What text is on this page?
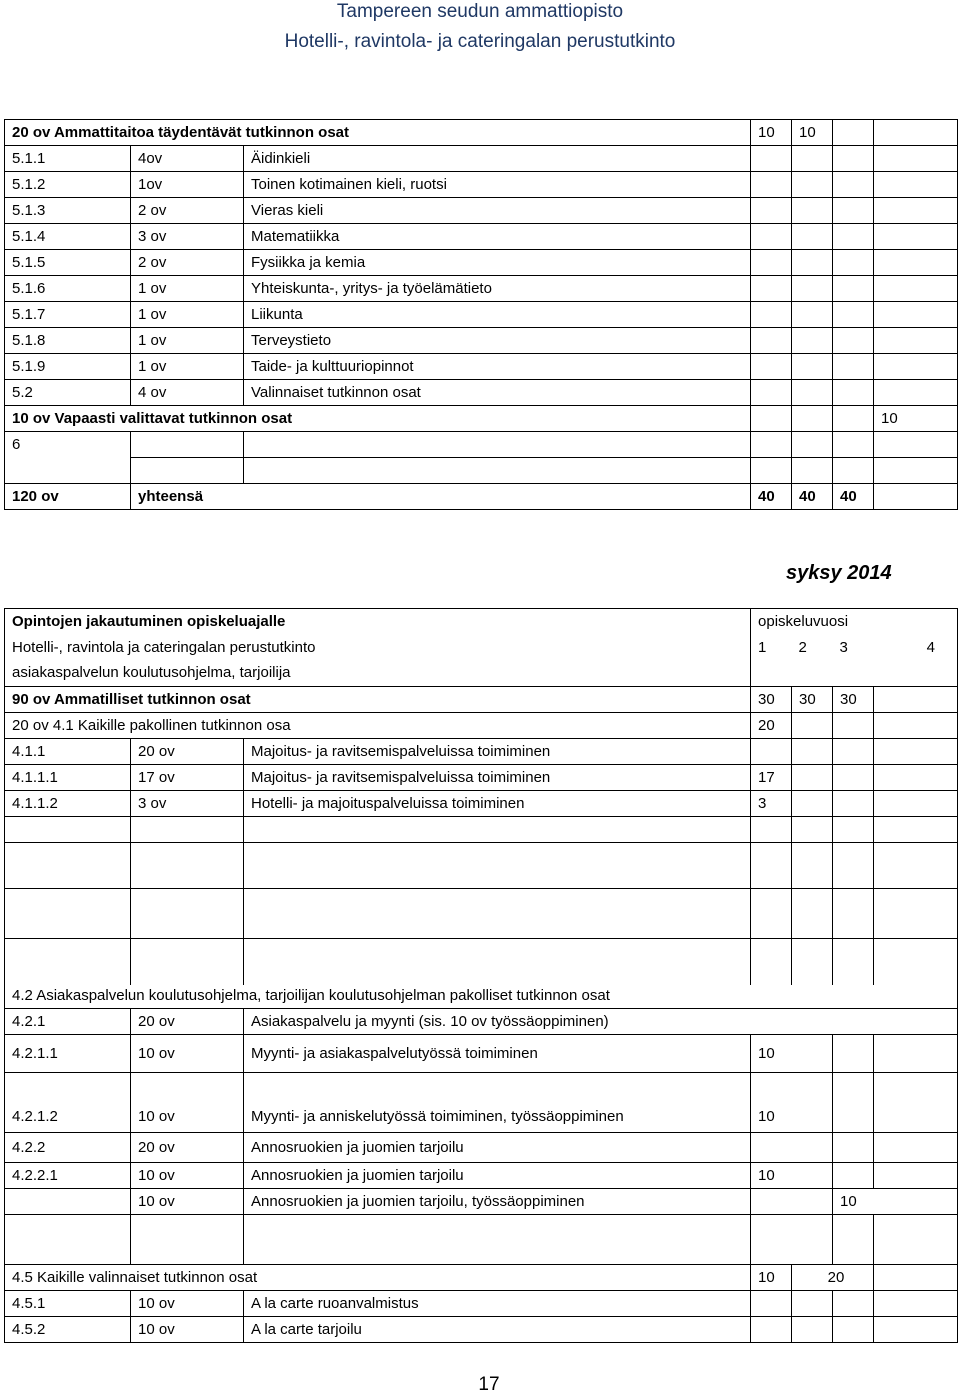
Tampereen seudun ammattiopisto
Hotelli-, ravintola- ja cateringalan perustutkinto
20 ov Ammattitaitoa täydentävät tutkinnon osat			10	10		
5.1.1	4ov	Äidinkieli				
5.1.2	1ov	Toinen kotimainen kieli, ruotsi				
5.1.3	2 ov	Vieras kieli				
5.1.4	3 ov	Matematiikka				
5.1.5	2 ov	Fysiikka ja kemia				
5.1.6	1 ov	Yhteiskunta-, yritys- ja työelämätieto				
5.1.7	1 ov	Liikunta				
5.1.8	1 ov	Terveystieto				
5.1.9	1 ov	Taide- ja kulttuuriopinnot				
5.2	4 ov	Valinnaiset tutkinnon osat				
10 ov Vapaasti valittavat tutkinnon osat						10
6						

120 ov	yhteensä		40	40	40	
syksy 2014
Opintojen jakautuminen opiskeluajalle			opiskeluvuosi			
Hotelli-, ravintola ja cateringalan perustutkinto			1	2	3	4
asiakaspalvelun koulutusohjelma, tarjoilija						
90 ov Ammatilliset tutkinnon osat			30	30	30	
20 ov 4.1 Kaikille pakollinen tutkinnon osa			20			
4.1.1	20 ov	Majoitus- ja ravitsemispalveluissa toimiminen				
4.1.1.1	17 ov	Majoitus- ja ravitsemispalveluissa toimiminen	17			
4.1.1.2	3 ov	Hotelli- ja majoituspalveluissa toimiminen	3			

4.2 Asiakaspalvelun koulutusohjelma, tarjoilijan koulutusohjelman pakolliset tutkinnon osat						
4.2.1	20 ov	Asiakaspalvelu ja myynti (sis. 10 ov työssäoppiminen)				
4.2.1.1	10 ov	Myynti- ja asiakaspalvelutyössä toimiminen	10			

4.2.1.2	10 ov	Myynti- ja anniskelutyössä toimiminen, työssäoppiminen	10			
4.2.2	20 ov	Annosruokien ja juomien tarjoilu				
4.2.2.1	10 ov	Annosruokien ja juomien tarjoilu	10			
	10 ov	Annosruokien ja juomien tarjoilu, työssäoppiminen			10	

4.5 Kaikille valinnaiset tutkinnon osat			10	20		
4.5.1	10 ov	A la carte ruoanvalmistus				
4.5.2	10 ov	A la carte tarjoilu				
17
